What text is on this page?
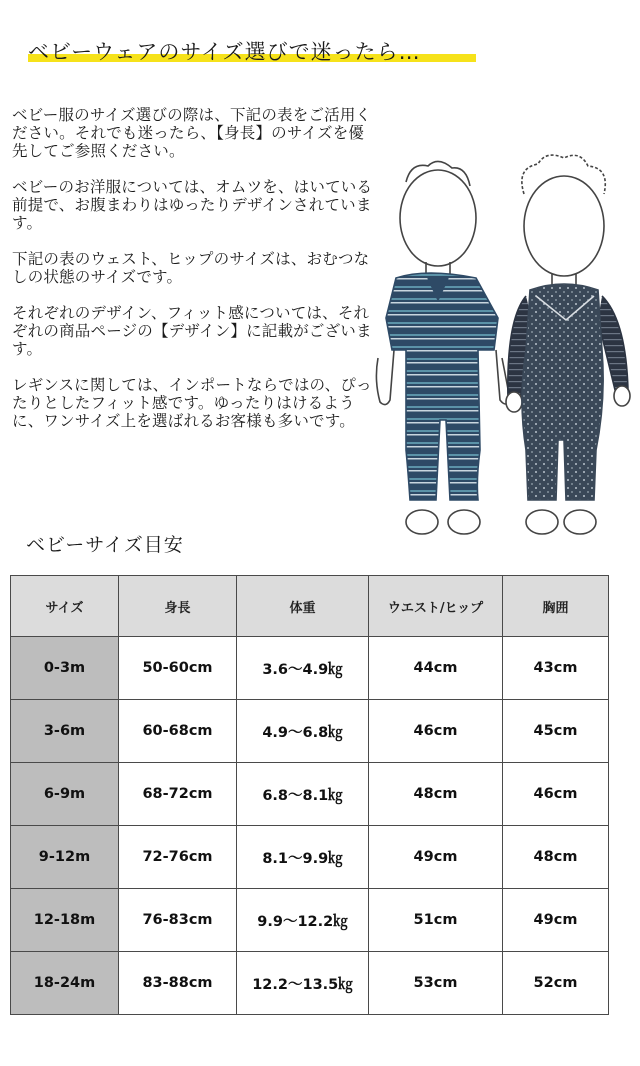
ベビーウェアのサイズ選びで迷ったら…

ベビー服のサイズ選びの際は、下記の表をご活用ください。それでも迷ったら、【身長】のサイズを優先してご参照ください。

ベビーのお洋服については、オムツを、はいている前提で、お腹まわりはゆったりデザインされています。

下記の表のウェスト、ヒップのサイズは、おむつなしの状態のサイズです。

それぞれのデザイン、フィット感については、それぞれの商品ページの【デザイン】に記載がございます。

レギンスに関しては、インポートならではの、ぴったりとしたフィット感です。ゆったりはけるように、ワンサイズ上を選ばれるお客様も多いです。

ベビーサイズ目安
サイズ	身長	体重	ウエスト/ヒップ	胸囲
0-3m	50-60cm	3.6〜4.9㎏	44cm	43cm
3-6m	60-68cm	4.9〜6.8㎏	46cm	45cm
6-9m	68-72cm	6.8〜8.1㎏	48cm	46cm
9-12m	72-76cm	8.1〜9.9㎏	49cm	48cm
12-18m	76-83cm	9.9〜12.2㎏	51cm	49cm
18-24m	83-88cm	12.2〜13.5㎏	53cm	52cm
